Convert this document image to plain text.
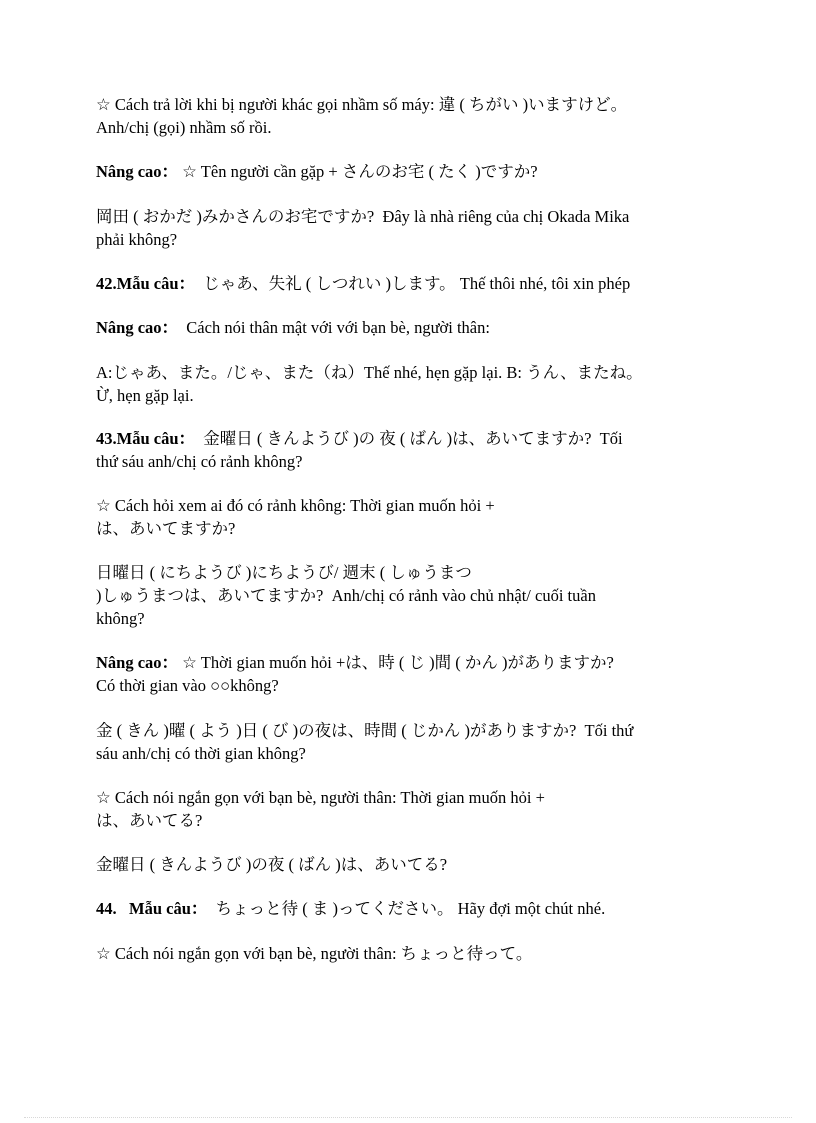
☆ Cách trả lời khi bị người khác gọi nhầm số máy: 違 ( ちがい )いますけど。
Anh/chị (gọi) nhầm số rồi.

Nâng cao： ☆ Tên người cần gặp + さんのお宅 ( たく )ですか?

岡田 ( おかだ )みかさんのお宅ですか?  Đây là nhà riêng của chị Okada Mika
phải không?

42.Mẫu câu：  じゃあ、失礼 ( しつれい )します。 Thế thôi nhé, tôi xin phép

Nâng cao：  Cách nói thân mật với với bạn bè, người thân:

A:じゃあ、また。/じゃ、また（ね）Thế nhé, hẹn gặp lại. B: うん、またね。
Ừ, hẹn gặp lại.

43.Mẫu câu：  金曜日 ( きんようび )の 夜 ( ばん )は、あいてますか?  Tối
thứ sáu anh/chị có rảnh không?

☆ Cách hỏi xem ai đó có rảnh không: Thời gian muốn hỏi +
は、あいてますか?

日曜日 ( にちようび )にちようび/ 週末 ( しゅうまつ
)しゅうまつは、あいてますか?  Anh/chị có rảnh vào chủ nhật/ cuối tuần
không?

Nâng cao： ☆ Thời gian muốn hỏi +は、時 ( じ )間 ( かん )がありますか?
Có thời gian vào ○○không?

金 ( きん )曜 ( よう )日 ( び )の夜は、時間 ( じかん )がありますか?  Tối thứ
sáu anh/chị có thời gian không?

☆ Cách nói ngắn gọn với bạn bè, người thân: Thời gian muốn hỏi +
は、あいてる?

金曜日 ( きんようび )の夜 ( ばん )は、あいてる?

44.   Mẫu câu：  ちょっと待 ( ま )ってください。 Hãy đợi một chút nhé.

☆ Cách nói ngắn gọn với bạn bè, người thân: ちょっと待って。
